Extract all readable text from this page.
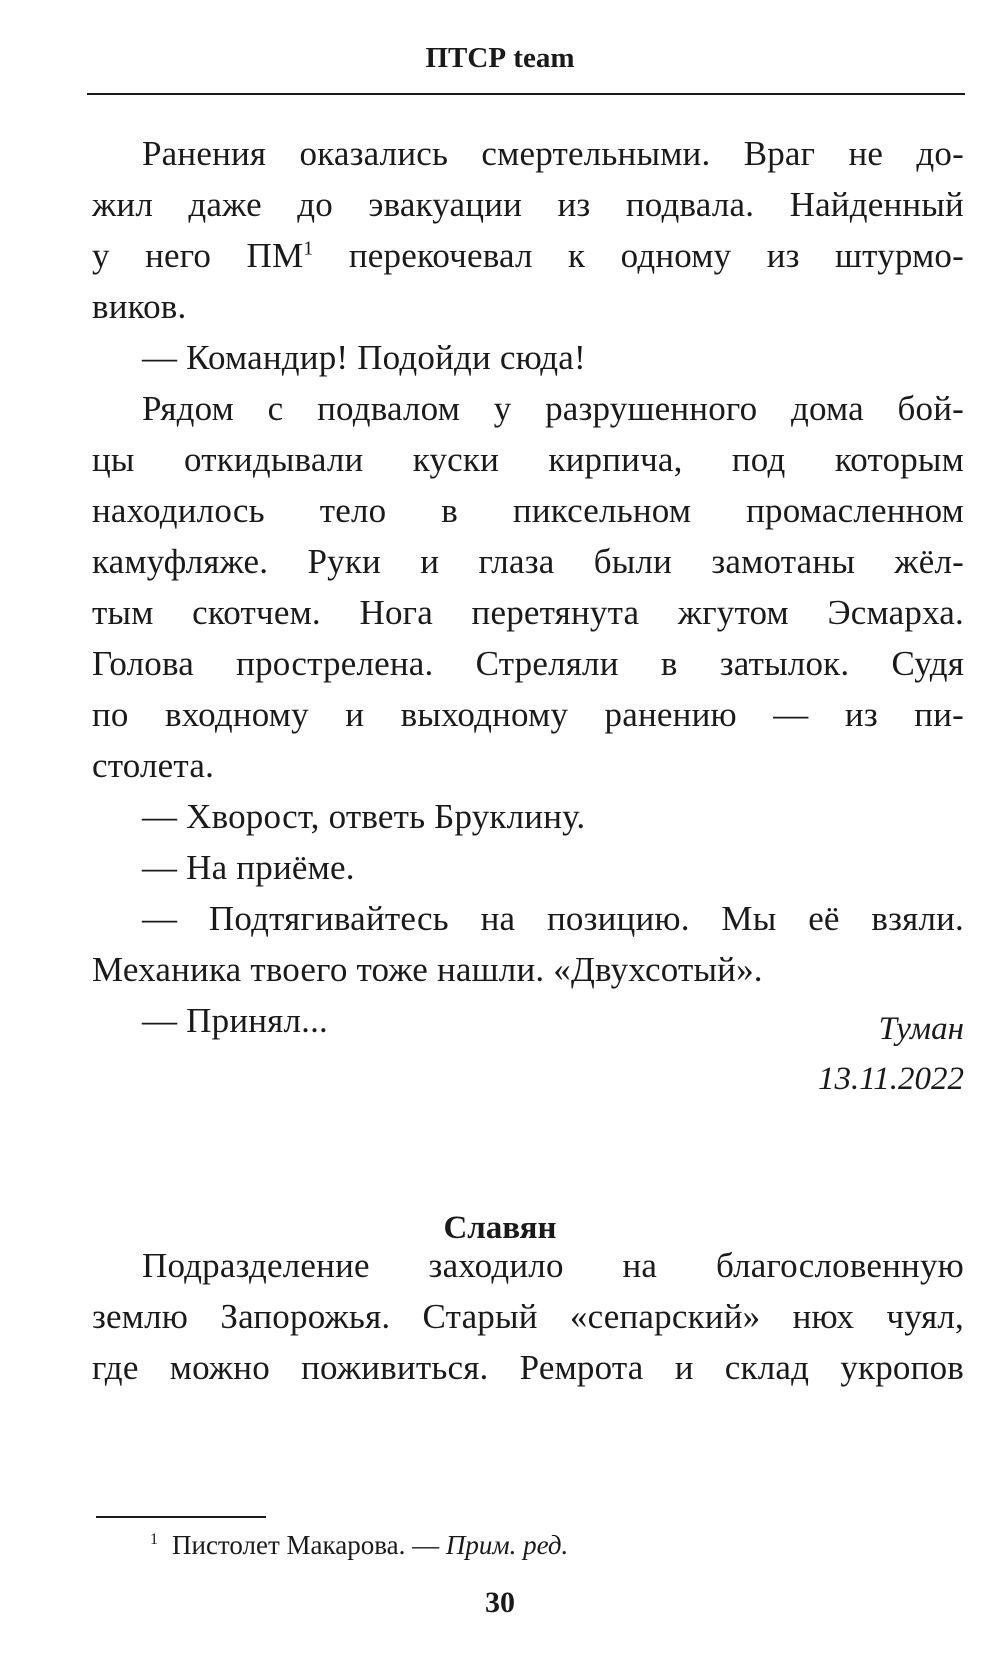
ПТСР team
Ранения оказались смертельными. Враг не до-
жил даже до эвакуации из подвала. Найденный
у него $ПМ^1$ перекочевал к одному из штурмо-
виков.
— Командир! Подойди сюда!
Рядом с подвалом у разрушенного дома бой-
цы откидывали куски кирпича, под которым
находилось тело в пиксельном промасленном
камуфляже. Руки и глаза были замотаны жёл-
тым скотчем. Нога перетянута жгутом Эсмарха.
Голова прострелена. Стреляли в затылок. Судя
по входному и выходному ранению — из пи-
столета.
— Хворост, ответь Бруклину.
— На приёме.
— Подтягивайтесь на позицию. Мы её взяли.
Механика твоего тоже нашли. «Двухсотый».
— Принял...	Туман
13.11.2022
Славян
Подразделение заходило на благословенную
землю Запорожья. Старый «сепарский» нюх чуял,
где можно поживиться. Ремрота и склад укропов
$^1$ Пистолет Макарова. — Прим. ред.
30
